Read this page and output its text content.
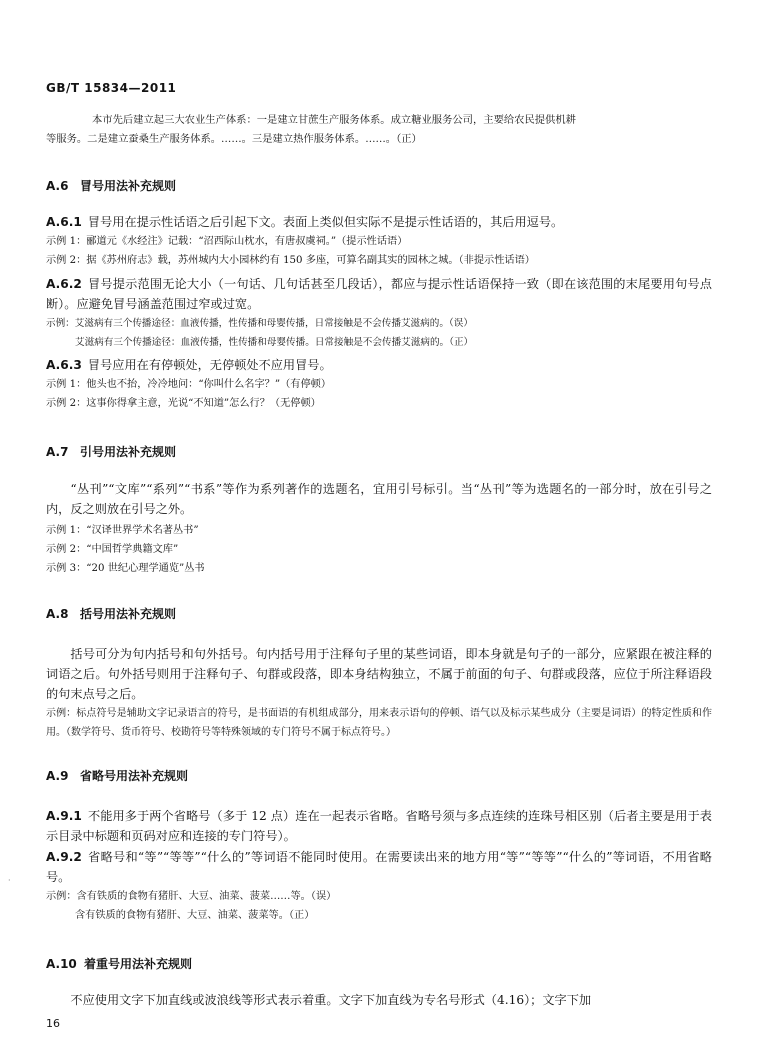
GB/T 15834—2011
本市先后建立起三大农业生产体系：一是建立甘蔗生产服务体系。成立糖业服务公司，主要给农民提供机耕
等服务。二是建立蚕桑生产服务体系。……。三是建立热作服务体系。……。（正）
A.6 冒号用法补充规则
A.6.1 冒号用在提示性话语之后引起下文。表面上类似但实际不是提示性话语的，其后用逗号。
示例 1：郦道元《水经注》记载：“沼西际山枕水，有唐叔虞祠。”（提示性话语）
示例 2：据《苏州府志》载，苏州城内大小园林约有 150 多座，可算名副其实的园林之城。（非提示性话语）
A.6.2 冒号提示范围无论大小（一句话、几句话甚至几段话），都应与提示性话语保持一致（即在该范围的末尾要用句号点断）。应避免冒号涵盖范围过窄或过宽。
示例：艾滋病有三个传播途径：血液传播，性传播和母婴传播，日常接触是不会传播艾滋病的。（误）
艾滋病有三个传播途径：血液传播，性传播和母婴传播。日常接触是不会传播艾滋病的。（正）
A.6.3 冒号应用在有停顿处，无停顿处不应用冒号。
示例 1：他头也不抬，冷冷地问：“你叫什么名字？”（有停顿）
示例 2：这事你得拿主意，光说“不知道”怎么行？（无停顿）
A.7 引号用法补充规则
“丛刊”“文库”“系列”“书系”等作为系列著作的选题名，宜用引号标引。当“丛刊”等为选题名的一部分时，放在引号之内，反之则放在引号之外。
示例 1：“汉译世界学术名著丛书”
示例 2：“中国哲学典籍文库”
示例 3：“20 世纪心理学通览”丛书
A.8 括号用法补充规则
括号可分为句内括号和句外括号。句内括号用于注释句子里的某些词语，即本身就是句子的一部分，应紧跟在被注释的词语之后。句外括号则用于注释句子、句群或段落，即本身结构独立，不属于前面的句子、句群或段落，应位于所注释语段的句末点号之后。
示例：标点符号是辅助文字记录语言的符号，是书面语的有机组成部分，用来表示语句的停顿、语气以及标示某些成分（主要是词语）的特定性质和作用。（数学符号、货币符号、校勘符号等特殊领域的专门符号不属于标点符号。）
A.9 省略号用法补充规则
A.9.1 不能用多于两个省略号（多于 12 点）连在一起表示省略。省略号须与多点连续的连珠号相区别（后者主要是用于表示目录中标题和页码对应和连接的专门符号）。
A.9.2 省略号和“等”“等等”“什么的”等词语不能同时使用。在需要读出来的地方用“等”“等等”“什么的”等词语，不用省略号。
示例：含有铁质的食物有猪肝、大豆、油菜、菠菜……等。（误）
含有铁质的食物有猪肝、大豆、油菜、菠菜等。（正）
A.10 着重号用法补充规则
不应使用文字下加直线或波浪线等形式表示着重。文字下加直线为专名号形式（4.16）；文字下加
16
·
